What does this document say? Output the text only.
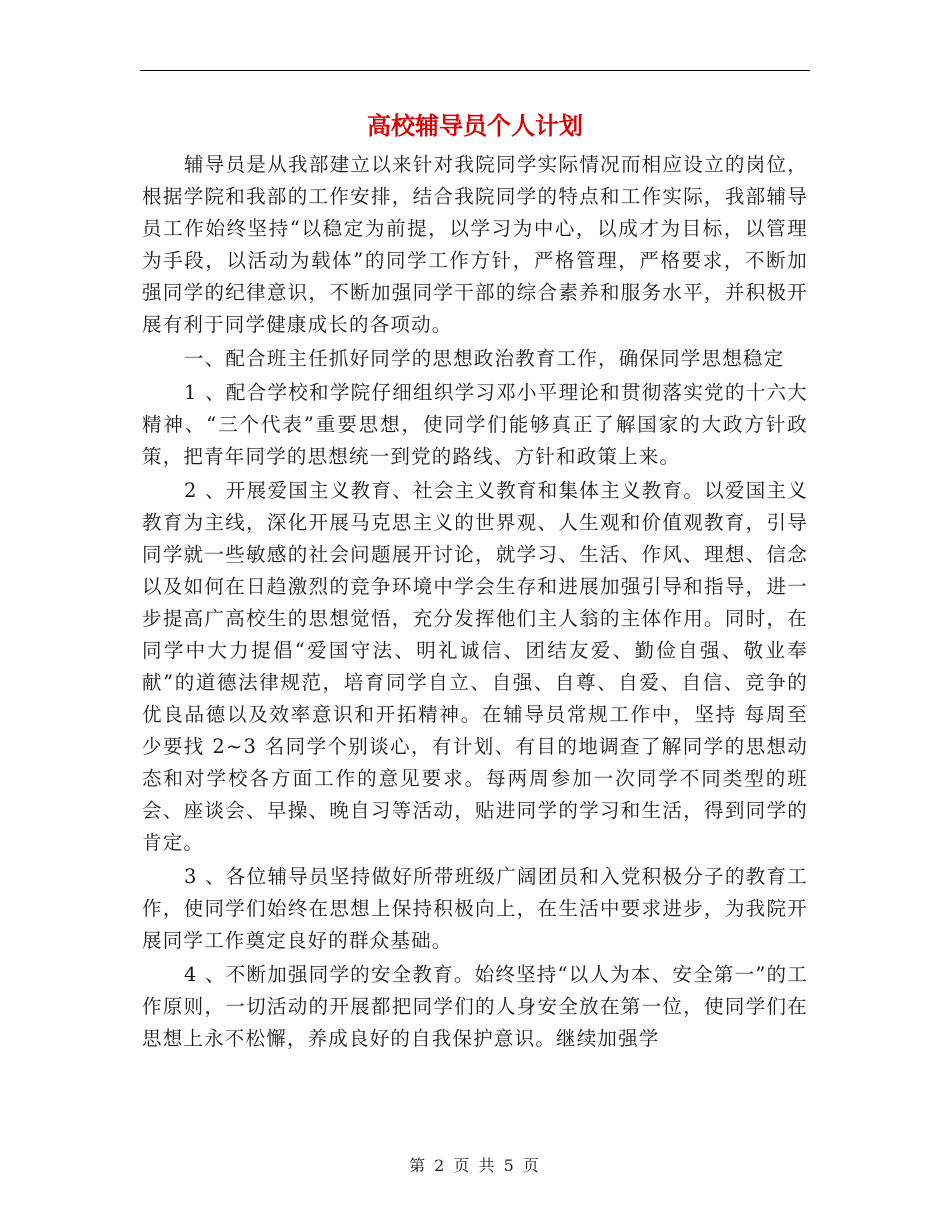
高校辅导员个人计划

辅导员是从我部建立以来针对我院同学实际情况而相应设立的岗位，根据学院和我部的工作安排，结合我院同学的特点和工作实际，我部辅导员工作始终坚持“以稳定为前提，以学习为中心，以成才为目标，以管理为手段，以活动为载体”的同学工作方针，严格管理，严格要求，不断加强同学的纪律意识，不断加强同学干部的综合素养和服务水平，并积极开展有利于同学健康成长的各项动。

一、配合班主任抓好同学的思想政治教育工作，确保同学思想稳定

1 、配合学校和学院仔细组织学习邓小平理论和贯彻落实党的十六大精神、“三个代表”重要思想，使同学们能够真正了解国家的大政方针政策，把青年同学的思想统一到党的路线、方针和政策上来。

2 、开展爱国主义教育、社会主义教育和集体主义教育。以爱国主义教育为主线，深化开展马克思主义的世界观、人生观和价值观教育，引导同学就一些敏感的社会问题展开讨论，就学习、生活、作风、理想、信念以及如何在日趋激烈的竞争环境中学会生存和进展加强引导和指导，进一步提高广高校生的思想觉悟，充分发挥他们主人翁的主体作用。同时，在同学中大力提倡“爱国守法、明礼诚信、团结友爱、勤俭自强、敬业奉献”的道德法律规范，培育同学自立、自强、自尊、自爱、自信、竞争的优良品德以及效率意识和开拓精神。在辅导员常规工作中，坚持 每周至少要找 2~3 名同学个别谈心，有计划、有目的地调查了解同学的思想动态和对学校各方面工作的意见要求。每两周参加一次同学不同类型的班会、座谈会、早操、晚自习等活动，贴进同学的学习和生活，得到同学的肯定。

3 、各位辅导员坚持做好所带班级广阔团员和入党积极分子的教育工作，使同学们始终在思想上保持积极向上，在生活中要求进步，为我院开展同学工作奠定良好的群众基础。

4 、不断加强同学的安全教育。始终坚持“以人为本、安全第一”的工作原则，一切活动的开展都把同学们的人身安全放在第一位，使同学们在思想上永不松懈，养成良好的自我保护意识。继续加强学

第 2 页 共 5 页
